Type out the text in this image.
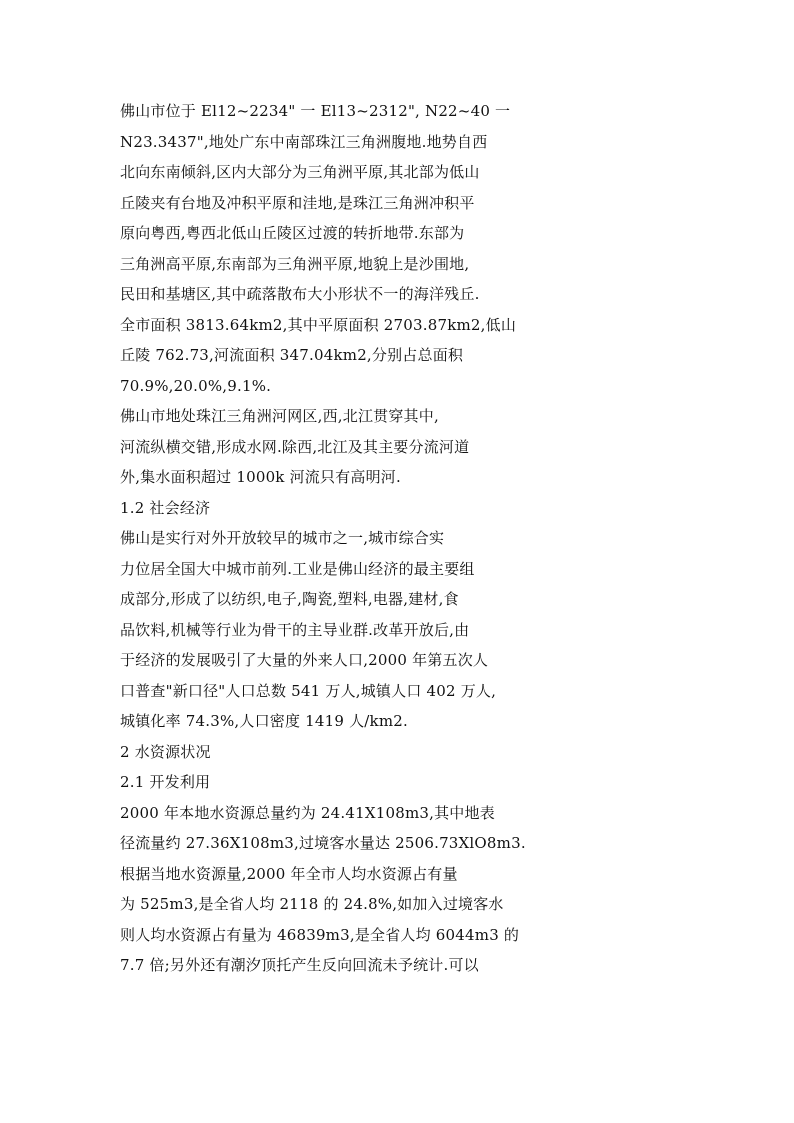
佛山市位于 El12~2234" 一 El13~2312", N22~40 一
N23.3437",地处广东中南部珠江三角洲腹地.地势自西
北向东南倾斜,区内大部分为三角洲平原,其北部为低山
丘陵夹有台地及冲积平原和洼地,是珠江三角洲冲积平
原向粤西,粤西北低山丘陵区过渡的转折地带.东部为
三角洲高平原,东南部为三角洲平原,地貌上是沙围地,
民田和基塘区,其中疏落散布大小形状不一的海洋残丘.
全市面积 3813.64km2,其中平原面积 2703.87km2,低山
丘陵 762.73,河流面积 347.04km2,分别占总面积
70.9%,20.0%,9.1%.
佛山市地处珠江三角洲河网区,西,北江贯穿其中,
河流纵横交错,形成水网.除西,北江及其主要分流河道
外,集水面积超过 1000k 河流只有高明河.
1.2 社会经济
佛山是实行对外开放较早的城市之一,城市综合实
力位居全国大中城市前列.工业是佛山经济的最主要组
成部分,形成了以纺织,电子,陶瓷,塑料,电器,建材,食
品饮料,机械等行业为骨干的主导业群.改革开放后,由
于经济的发展吸引了大量的外来人口,2000 年第五次人
口普查"新口径"人口总数 541 万人,城镇人口 402 万人,
城镇化率 74.3%,人口密度 1419 人/km2.
2 水资源状况
2.1 开发利用
2000 年本地水资源总量约为 24.41X108m3,其中地表
径流量约 27.36X108m3,过境客水量达 2506.73XlO8m3.
根据当地水资源量,2000 年全市人均水资源占有量
为 525m3,是全省人均 2118 的 24.8%,如加入过境客水
则人均水资源占有量为 46839m3,是全省人均 6044m3 的
7.7 倍;另外还有潮汐顶托产生反向回流未予统计.可以
